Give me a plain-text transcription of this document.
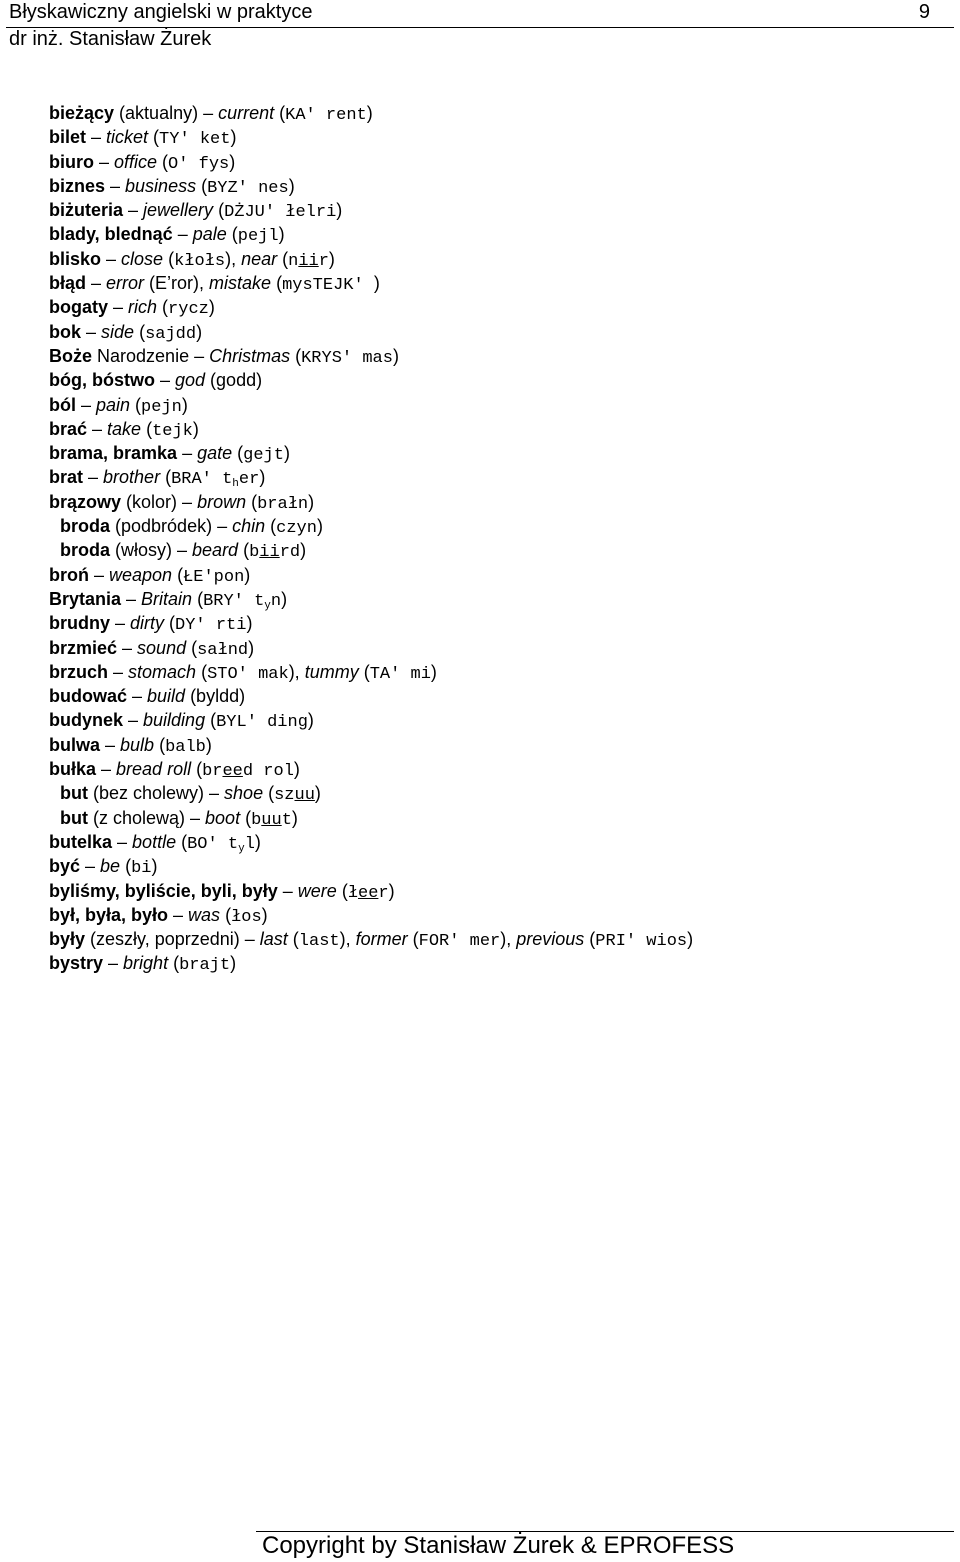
Błyskawiczny angielski w praktyce	9
dr inż. Stanisław Żurek
bieżący (aktualny) – current (KA′ rent)
bilet – ticket (TY′ ket)
biuro – office (O′ fys)
biznes – business (BYZ′ nes)
biżuteria – jewellery (DŻJU′ łelri)
blady, blednąć – pale (pejl)
blisko – close (kłołs), near (niir)
błąd – error (E’ror), mistake (mysTEJK′ )
bogaty – rich (rycz)
bok – side (sajdd)
Boże Narodzenie – Christmas (KRYS′ mas)
bóg, bóstwo – god (godd)
ból – pain (pejn)
brać – take (tejk)
brama, bramka – gate (gejt)
brat – brother (BRA′ $t_her$)
brązowy (kolor) – brown (brałn)
broda (podbródek) – chin (czyn)
broda (włosy) – beard (biird)
broń – weapon (ŁE'pon)
Brytania – Britain (BRY′ $t_yn$)
brudny – dirty (DY′ rti)
brzmieć – sound (sałnd)
brzuch – stomach (STO′ mak), tummy (TA′ mi)
budować – build (byldd)
budynek – building (BYL′ ding)
bulwa – bulb (balb)
bułka – bread roll (breed rol)
but (bez cholewy) – shoe (szuu)
but (z cholewą) – boot (buut)
butelka – bottle (BO′ $t_yl$)
być – be (bi)
byliśmy, byliście, byli, były – were (łeer)
był, była, było – was (łos)
byłу (zeszły, poprzedni) – last (last), former (FOR′ mer), previous (PRI′ wios)
bystry – bright (brajt)
Copyright by Stanisław Żurek & EPROFESS
